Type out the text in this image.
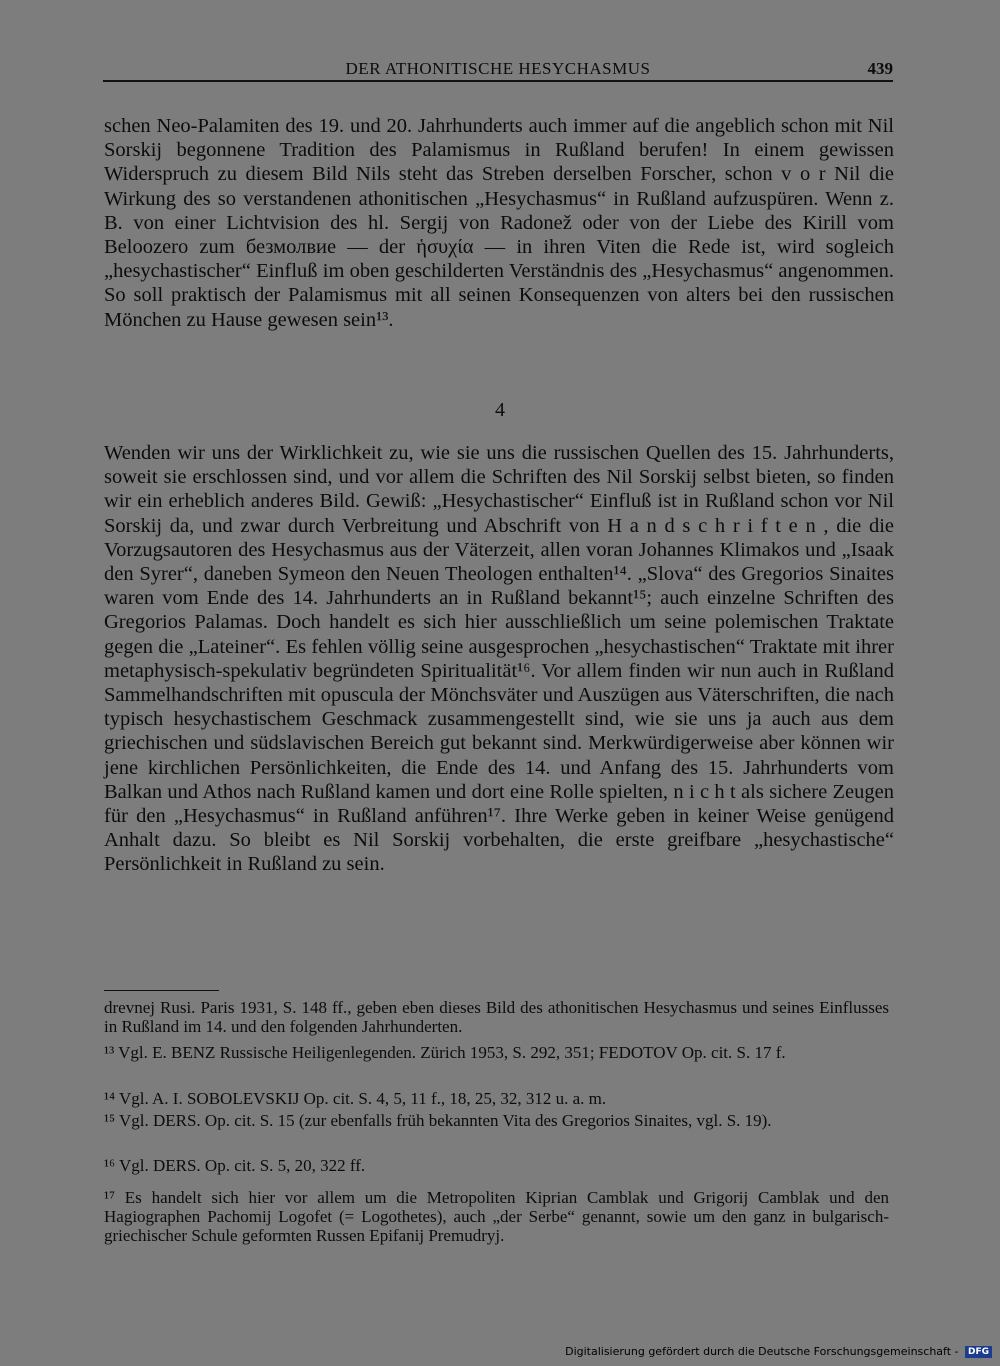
DER ATHONITISCHE HESYCHASMUS	439

schen Neo-Palamiten des 19. und 20. Jahrhunderts auch immer auf die angeblich schon mit Nil Sorskij begonnene Tradition des Palamismus in Rußland berufen! In einem gewissen Widerspruch zu diesem Bild Nils steht das Streben derselben Forscher, schon v o r Nil die Wirkung des so verstandenen athonitischen „Hesychasmus“ in Rußland aufzuspüren. Wenn z. B. von einer Lichtvision des hl. Sergij von Radonež oder von der Liebe des Kirill vom Beloozero zum безмолвие — der ἡσυχία — in ihren Viten die Rede ist, wird sogleich „hesychastischer“ Einfluß im oben geschilderten Verständnis des „Hesychasmus“ angenommen. So soll praktisch der Palamismus mit all seinen Konsequenzen von alters bei den russischen Mönchen zu Hause gewesen sein¹³.

4

Wenden wir uns der Wirklichkeit zu, wie sie uns die russischen Quellen des 15. Jahrhunderts, soweit sie erschlossen sind, und vor allem die Schriften des Nil Sorskij selbst bieten, so finden wir ein erheblich anderes Bild. Gewiß: „Hesychastischer“ Einfluß ist in Rußland schon vor Nil Sorskij da, und zwar durch Verbreitung und Abschrift von H a n d s c h r i f t e n , die die Vorzugsautoren des Hesychasmus aus der Väterzeit, allen voran Johannes Klimakos und „Isaak den Syrer“, daneben Symeon den Neuen Theologen enthalten¹⁴. „Slova“ des Gregorios Sinaites waren vom Ende des 14. Jahrhunderts an in Rußland bekannt¹⁵; auch einzelne Schriften des Gregorios Palamas. Doch handelt es sich hier ausschließlich um seine polemischen Traktate gegen die „Lateiner“. Es fehlen völlig seine ausgesprochen „hesychastischen“ Traktate mit ihrer metaphysisch-spekulativ begründeten Spiritualität¹⁶. Vor allem finden wir nun auch in Rußland Sammelhandschriften mit opuscula der Mönchsväter und Auszügen aus Väterschriften, die nach typisch hesychastischem Geschmack zusammengestellt sind, wie sie uns ja auch aus dem griechischen und südslavischen Bereich gut bekannt sind. Merkwürdigerweise aber können wir jene kirchlichen Persönlichkeiten, die Ende des 14. und Anfang des 15. Jahrhunderts vom Balkan und Athos nach Rußland kamen und dort eine Rolle spielten, n i c h t als sichere Zeugen für den „Hesychasmus“ in Rußland anführen¹⁷. Ihre Werke geben in keiner Weise genügend Anhalt dazu. So bleibt es Nil Sorskij vorbehalten, die erste greifbare „hesychastische“ Persönlichkeit in Rußland zu sein.

drevnej Rusi. Paris 1931, S. 148 ff., geben eben dieses Bild des athonitischen Hesychasmus und seines Einflusses in Rußland im 14. und den folgenden Jahrhunderten.

¹³ Vgl. E. BENZ Russische Heiligenlegenden. Zürich 1953, S. 292, 351; FEDOTOV Op. cit. S. 17 f.

¹⁴ Vgl. A. I. SOBOLEVSKIJ Op. cit. S. 4, 5, 11 f., 18, 25, 32, 312 u. a. m.

¹⁵ Vgl. DERS. Op. cit. S. 15 (zur ebenfalls früh bekannten Vita des Gregorios Sinaites, vgl. S. 19).

¹⁶ Vgl. DERS. Op. cit. S. 5, 20, 322 ff.

¹⁷ Es handelt sich hier vor allem um die Metropoliten Kiprian Camblak und Grigorij Camblak und den Hagiographen Pachomij Logofet (= Logothetes), auch „der Serbe“ genannt, sowie um den ganz in bulgarisch-griechischer Schule geformten Russen Epifanij Premudryj.

Digitalisierung gefördert durch die Deutsche Forschungsgemeinschaft - DFG
